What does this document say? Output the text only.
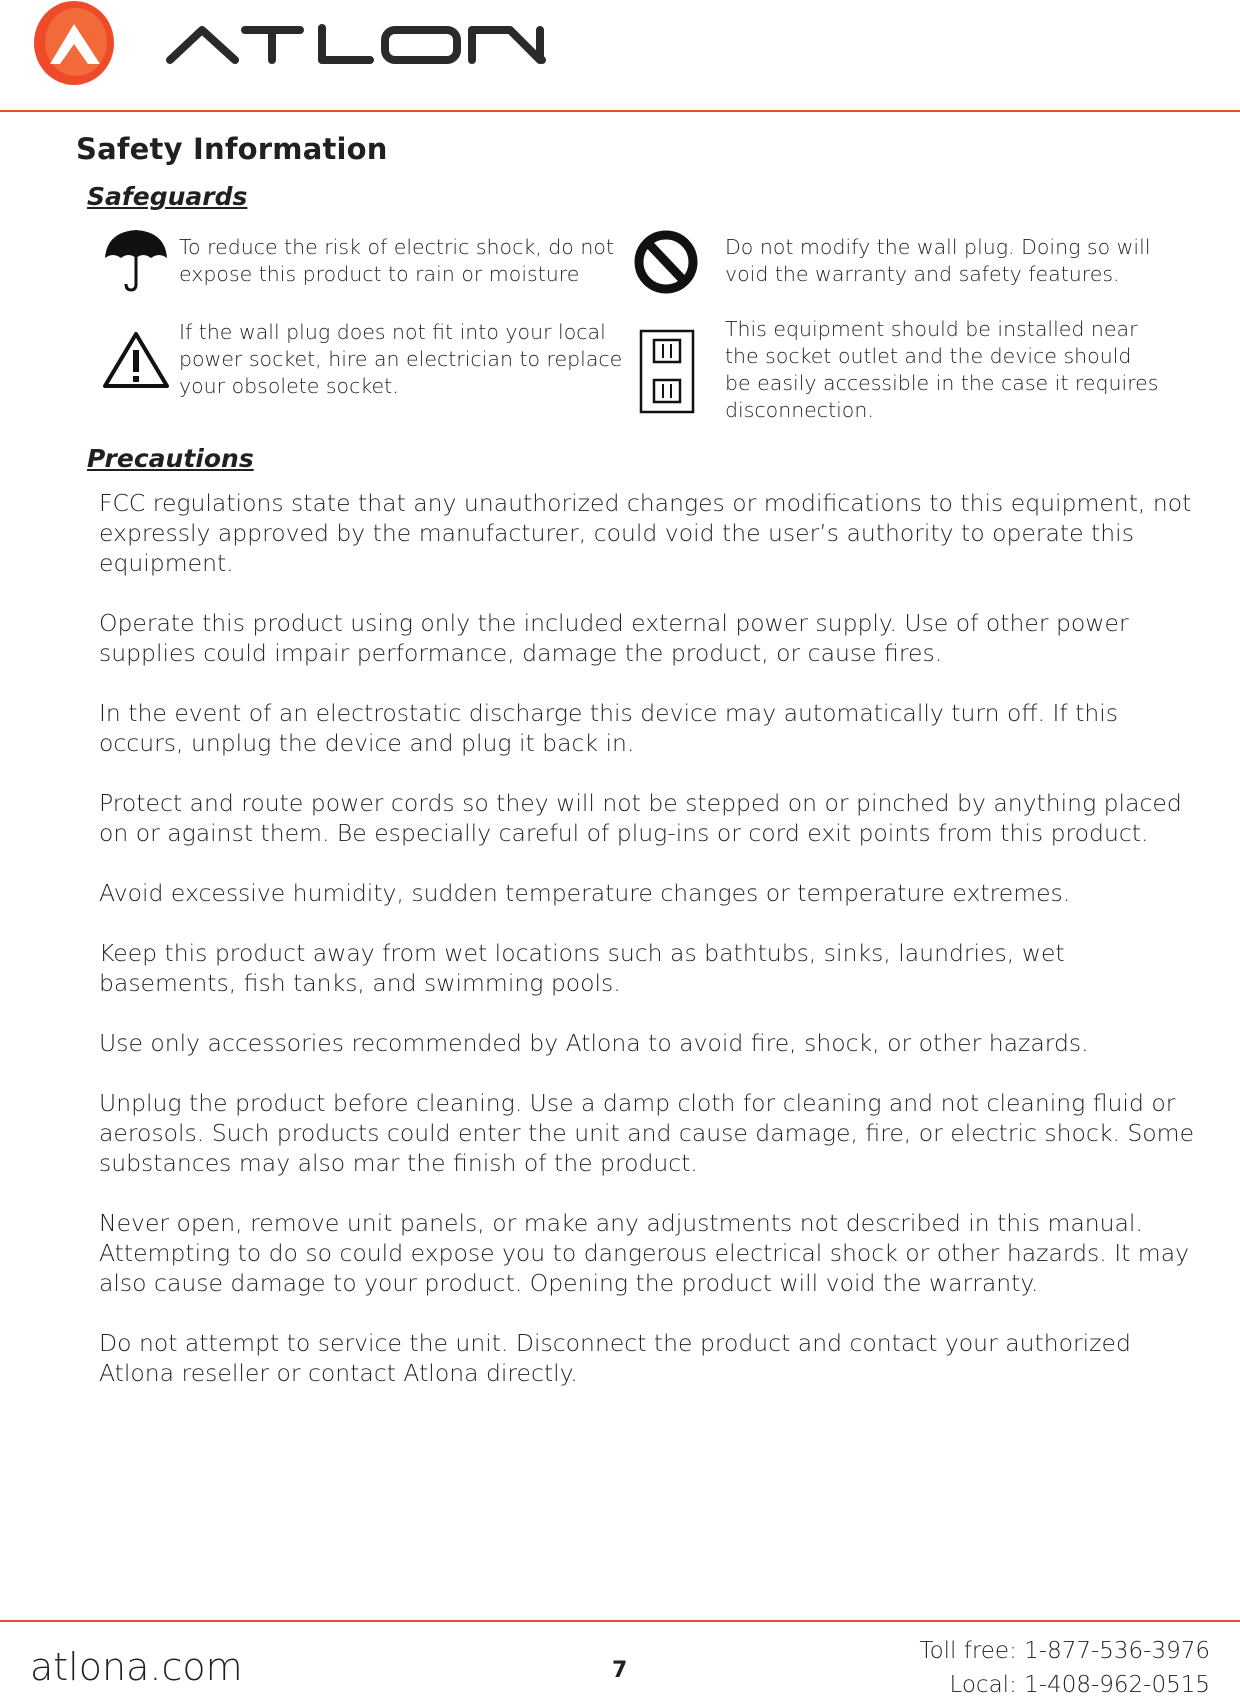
Safety Information
Safeguards
To reduce the risk of electric shock, do not
expose this product to rain or moisture
Do not modify the wall plug. Doing so will
void the warranty and safety features.
If the wall plug does not fit into your local
power socket, hire an electrician to replace
your obsolete socket.
This equipment should be installed near
the socket outlet and the device should
be easily accessible in the case it requires
disconnection.
Precautions

FCC regulations state that any unauthorized changes or modifications to this equipment, not expressly approved by the manufacturer, could void the user’s authority to operate this equipment.

Operate this product using only the included external power supply. Use of other power supplies could impair performance, damage the product, or cause fires.

In the event of an electrostatic discharge this device may automatically turn off. If this occurs, unplug the device and plug it back in.

Protect and route power cords so they will not be stepped on or pinched by anything placed on or against them. Be especially careful of plug-ins or cord exit points from this product.

Avoid excessive humidity, sudden temperature changes or temperature extremes.

Keep this product away from wet locations such as bathtubs, sinks, laundries, wet basements, fish tanks, and swimming pools.

Use only accessories recommended by Atlona to avoid fire, shock, or other hazards.

Unplug the product before cleaning. Use a damp cloth for cleaning and not cleaning fluid or aerosols. Such products could enter the unit and cause damage, fire, or electric shock. Some substances may also mar the finish of the product.

Never open, remove unit panels, or make any adjustments not described in this manual. Attempting to do so could expose you to dangerous electrical shock or other hazards. It may also cause damage to your product. Opening the product will void the warranty.

Do not attempt to service the unit. Disconnect the product and contact your authorized Atlona reseller or contact Atlona directly.

atlona.com	7
Toll free: 1-877-536-3976
Local: 1-408-962-0515
